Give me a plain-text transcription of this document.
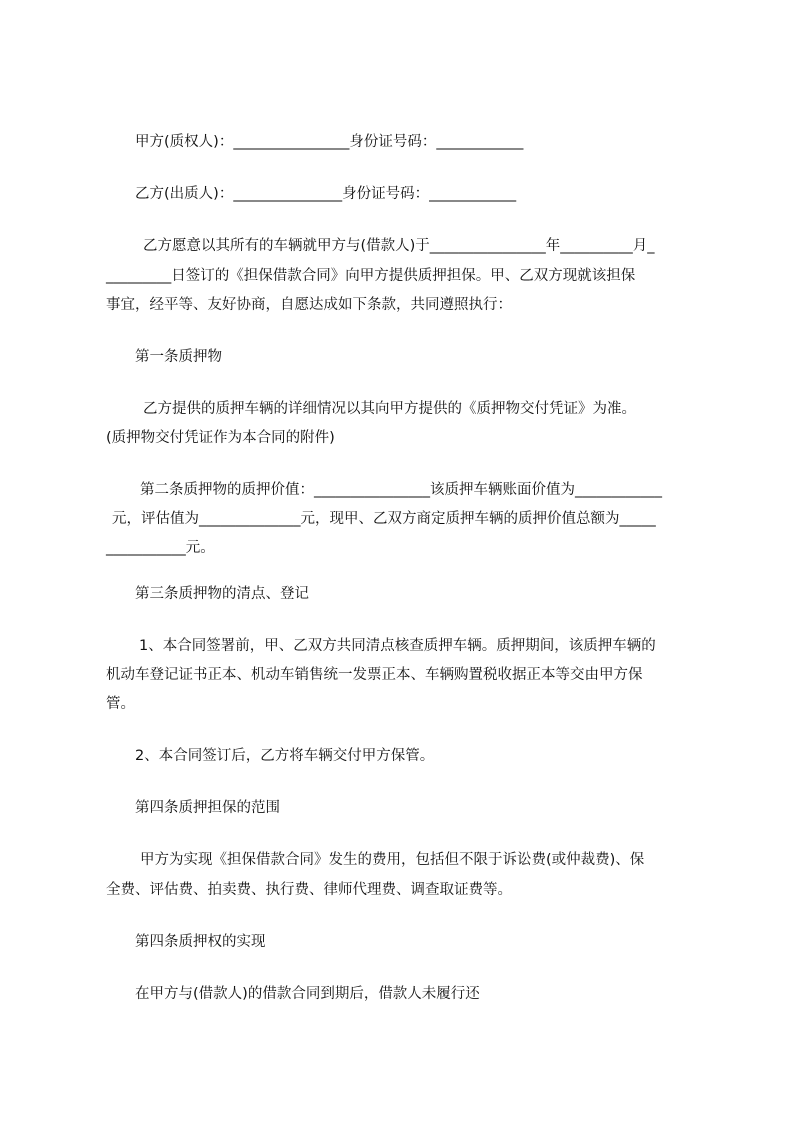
甲方(质权人)：________________身份证号码：____________
乙方(出质人)：_______________身份证号码：____________
乙方愿意以其所有的车辆就甲方与(借款人)于________________年__________月_
_________日签订的《担保借款合同》向甲方提供质押担保。甲、乙双方现就该担保
事宜，经平等、友好协商，自愿达成如下条款，共同遵照执行：
第一条质押物
乙方提供的质押车辆的详细情况以其向甲方提供的《质押物交付凭证》为准。
(质押物交付凭证作为本合同的附件)
第二条质押物的质押价值：________________该质押车辆账面价值为____________
元，评估值为______________元，现甲、乙双方商定质押车辆的质押价值总额为_____
___________元。
第三条质押物的清点、登记
1、本合同签署前，甲、乙双方共同清点核查质押车辆。质押期间，该质押车辆的
机动车登记证书正本、机动车销售统一发票正本、车辆购置税收据正本等交由甲方保
管。
2、本合同签订后，乙方将车辆交付甲方保管。
第四条质押担保的范围
甲方为实现《担保借款合同》发生的费用，包括但不限于诉讼费(或仲裁费)、保
全费、评估费、拍卖费、执行费、律师代理费、调查取证费等。
第四条质押权的实现
在甲方与(借款人)的借款合同到期后，借款人未履行还
